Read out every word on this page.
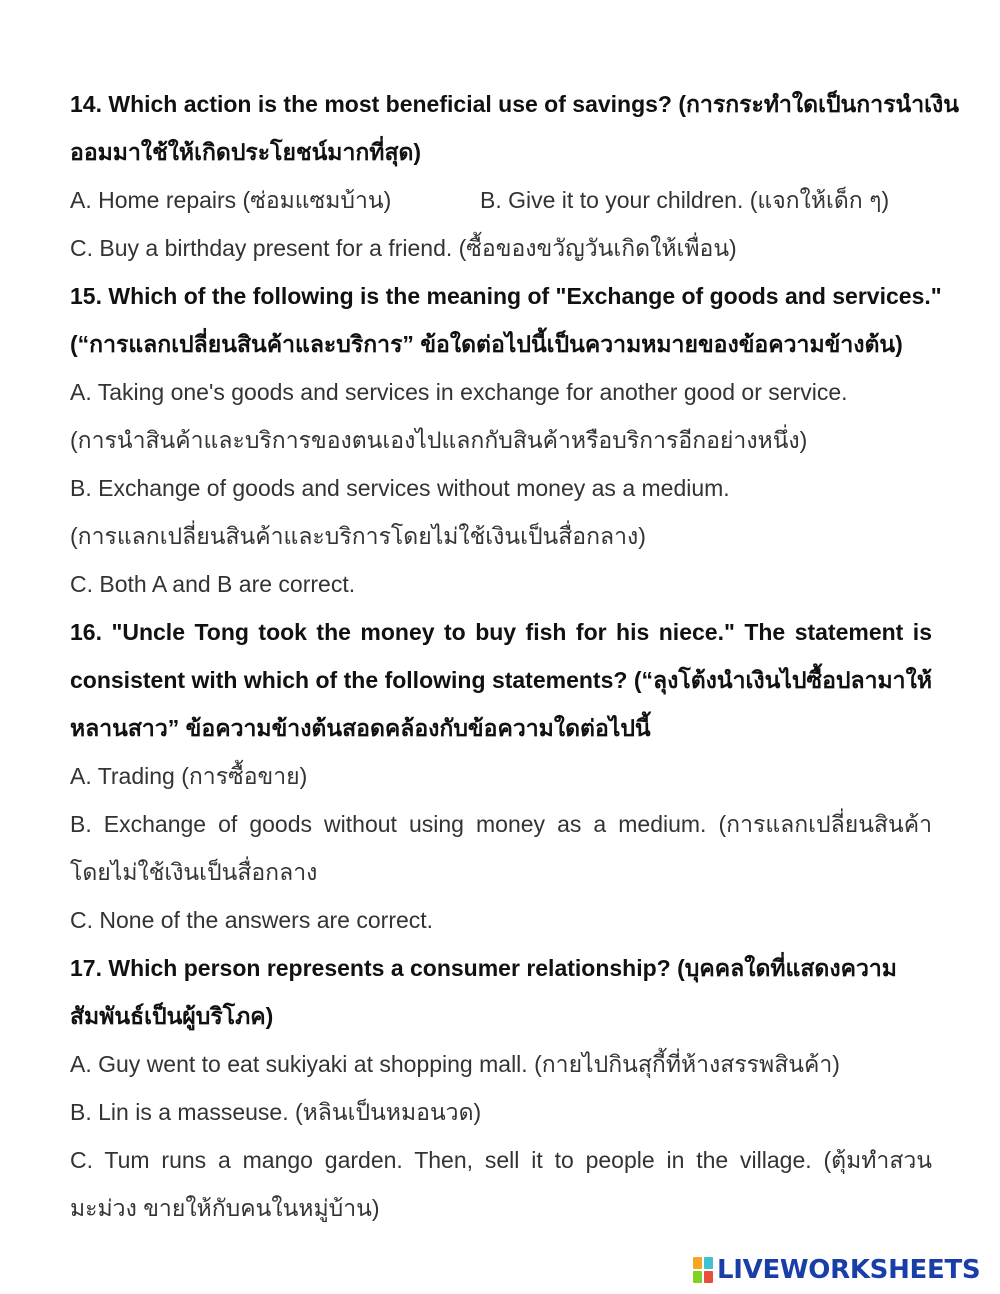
14. Which action is the most beneficial use of savings? (การกระทำใดเป็นการนำเงิน
ออมมาใช้ให้เกิดประโยชน์มากที่สุด)
A. Home repairs (ซ่อมแซมบ้าน)	B. Give it to your children. (แจกให้เด็ก ๆ)
C. Buy a birthday present for a friend. (ซื้อของขวัญวันเกิดให้เพื่อน)
15. Which of the following is the meaning of "Exchange of goods and services."
(“การแลกเปลี่ยนสินค้าและบริการ” ข้อใดต่อไปนี้เป็นความหมายของข้อความข้างต้น)
A. Taking one's goods and services in exchange for another good or service.
(การนำสินค้าและบริการของตนเองไปแลกกับสินค้าหรือบริการอีกอย่างหนึ่ง)
B. Exchange of goods and services without money as a medium.
(การแลกเปลี่ยนสินค้าและบริการโดยไม่ใช้เงินเป็นสื่อกลาง)
C. Both A and B are correct.
16. "Uncle Tong took the money to buy fish for his niece." The statement is
consistent with which of the following statements? (“ลุงโต้งนำเงินไปซื้อปลามาให้
หลานสาว” ข้อความข้างต้นสอดคล้องกับข้อความใดต่อไปนี้
A. Trading (การซื้อขาย)
B. Exchange of goods without using money as a medium. (การแลกเปลี่ยนสินค้า
โดยไม่ใช้เงินเป็นสื่อกลาง
C. None of the answers are correct.
17. Which person represents a consumer relationship? (บุคคลใดที่แสดงความ
สัมพันธ์เป็นผู้บริโภค)
A. Guy went to eat sukiyaki at shopping mall. (กายไปกินสุกี้ที่ห้างสรรพสินค้า)
B. Lin is a masseuse. (หลินเป็นหมอนวด)
C. Tum runs a mango garden. Then, sell it to people in the village. (ตุ้มทำสวน
มะม่วง ขายให้กับคนในหมู่บ้าน)
LIVEWORKSHEETS
